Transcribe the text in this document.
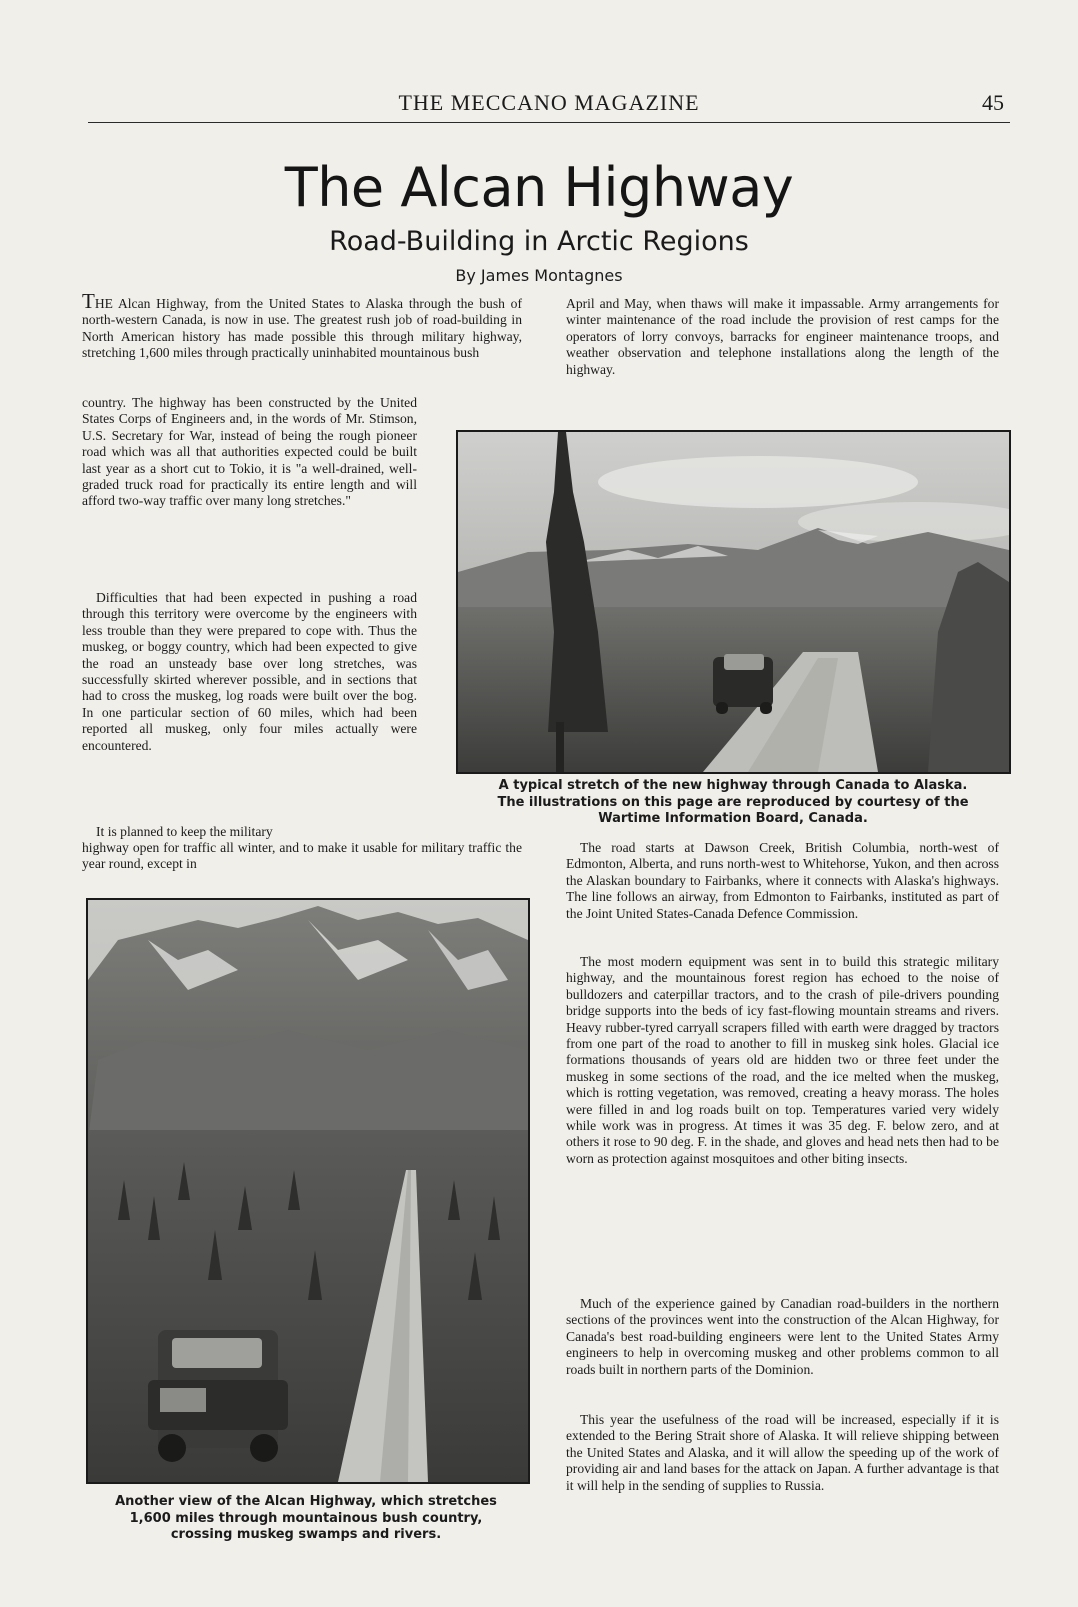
THE MECCANO MAGAZINE	45
The Alcan Highway
Road-Building in Arctic Regions
By James Montagnes

THE Alcan Highway, from the United States to Alaska through the bush of north-western Canada, is now in use. The greatest rush job of road-building in North American history has made possible this through military highway, stretching 1,600 miles through practically uninhabited mountainous bush

country. The highway has been constructed by the United States Corps of Engineers and, in the words of Mr. Stimson, U.S. Secretary for War, instead of being the rough pioneer road which was all that authorities expected could be built last year as a short cut to Tokio, it is "a well-drained, well-graded truck road for practically its entire length and will afford two-way traffic over many long stretches."

Difficulties that had been expected in pushing a road through this territory were overcome by the engineers with less trouble than they were prepared to cope with. Thus the muskeg, or boggy country, which had been expected to give the road an unsteady base over long stretches, was successfully skirted wherever possible, and in sections that had to cross the muskeg, log roads were built over the bog. In one particular section of 60 miles, which had been reported all muskeg, only four miles actually were encountered.

It is planned to keep the military

highway open for traffic all winter, and to make it usable for military traffic the year round, except in

April and May, when thaws will make it impassable. Army arrangements for winter maintenance of the road include the provision of rest camps for the operators of lorry convoys, barracks for engineer maintenance troops, and weather observation and telephone installations along the length of the highway.

A typical stretch of the new highway through Canada to Alaska.
The illustrations on this page are reproduced by courtesy of the
Wartime Information Board, Canada.

The road starts at Dawson Creek, British Columbia, north-west of Edmonton, Alberta, and runs north-west to Whitehorse, Yukon, and then across the Alaskan boundary to Fairbanks, where it connects with Alaska's highways. The line follows an airway, from Edmonton to Fairbanks, instituted as part of the Joint United States-Canada Defence Commission.

The most modern equipment was sent in to build this strategic military highway, and the mountainous forest region has echoed to the noise of bulldozers and caterpillar tractors, and to the crash of pile-drivers pounding bridge supports into the beds of icy fast-flowing mountain streams and rivers. Heavy rubber-tyred carryall scrapers filled with earth were dragged by tractors from one part of the road to another to fill in muskeg sink holes. Glacial ice formations thousands of years old are hidden two or three feet under the muskeg in some sections of the road, and the ice melted when the muskeg, which is rotting vegetation, was removed, creating a heavy morass. The holes were filled in and log roads built on top. Temperatures varied very widely while work was in progress. At times it was 35 deg. F. below zero, and at others it rose to 90 deg. F. in the shade, and gloves and head nets then had to be worn as protection against mosquitoes and other biting insects.

Much of the experience gained by Canadian road-builders in the northern sections of the provinces went into the construction of the Alcan Highway, for Canada's best road-building engineers were lent to the United States Army engineers to help in overcoming muskeg and other problems common to all roads built in northern parts of the Dominion.

This year the usefulness of the road will be increased, especially if it is extended to the Bering Strait shore of Alaska. It will relieve shipping between the United States and Alaska, and it will allow the speeding up of the work of providing air and land bases for the attack on Japan. A further advantage is that it will help in the sending of supplies to Russia.

Another view of the Alcan Highway, which stretches
1,600 miles through mountainous bush country,
crossing muskeg swamps and rivers.
